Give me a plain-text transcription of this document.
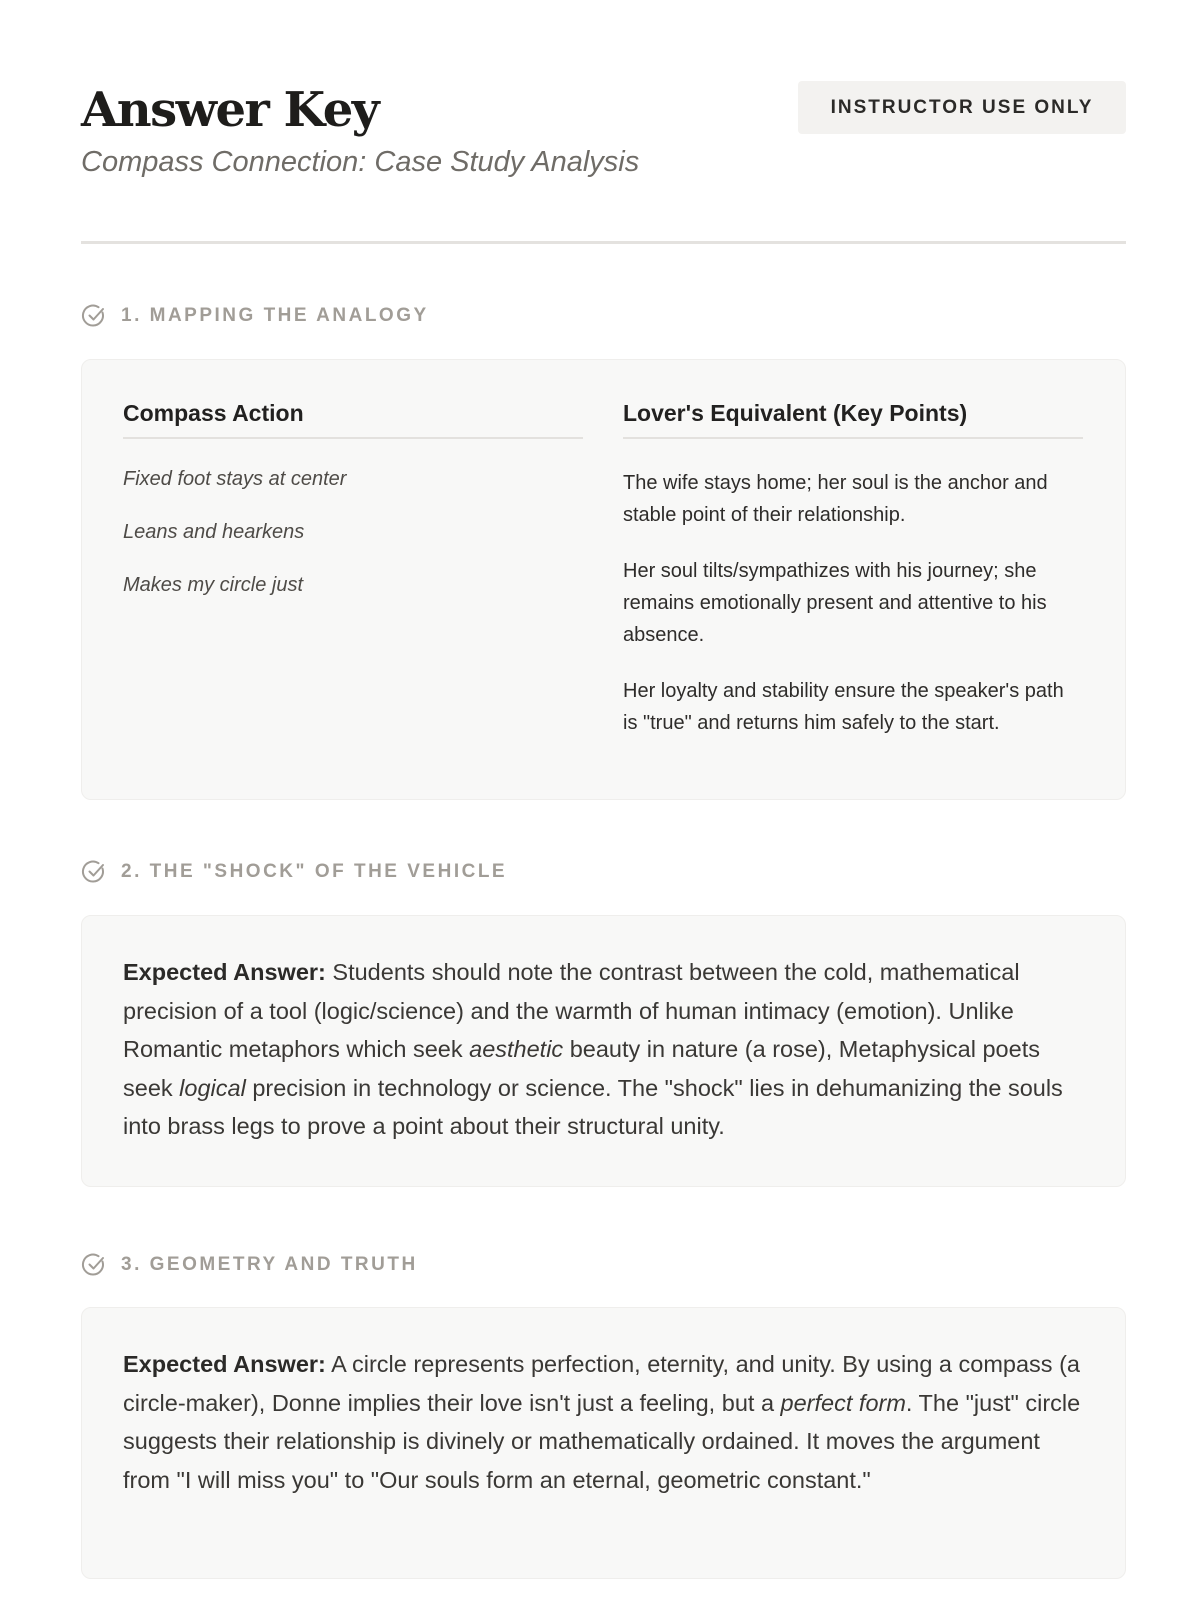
Answer Key

Compass Connection: Case Study Analysis

INSTRUCTOR USE ONLY
1. MAPPING THE ANALOGY
Compass Action
Fixed foot stays at center
Leans and hearkens
Makes my circle just
Lover's Equivalent (Key Points)

The wife stays home; her soul is the anchor and stable point of their relationship.

Her soul tilts/sympathizes with his journey; she remains emotionally present and attentive to his absence.

Her loyalty and stability ensure the speaker's path is "true" and returns him safely to the start.

2. THE "SHOCK" OF THE VEHICLE

Expected Answer: Students should note the contrast between the cold, mathematical precision of a tool (logic/science) and the warmth of human intimacy (emotion). Unlike Romantic metaphors which seek aesthetic beauty in nature (a rose), Metaphysical poets seek logical precision in technology or science. The "shock" lies in dehumanizing the souls into brass legs to prove a point about their structural unity.

3. GEOMETRY AND TRUTH

Expected Answer: A circle represents perfection, eternity, and unity. By using a compass (a circle-maker), Donne implies their love isn't just a feeling, but a perfect form. The "just" circle suggests their relationship is divinely or mathematically ordained. It moves the argument from "I will miss you" to "Our souls form an eternal, geometric constant."
